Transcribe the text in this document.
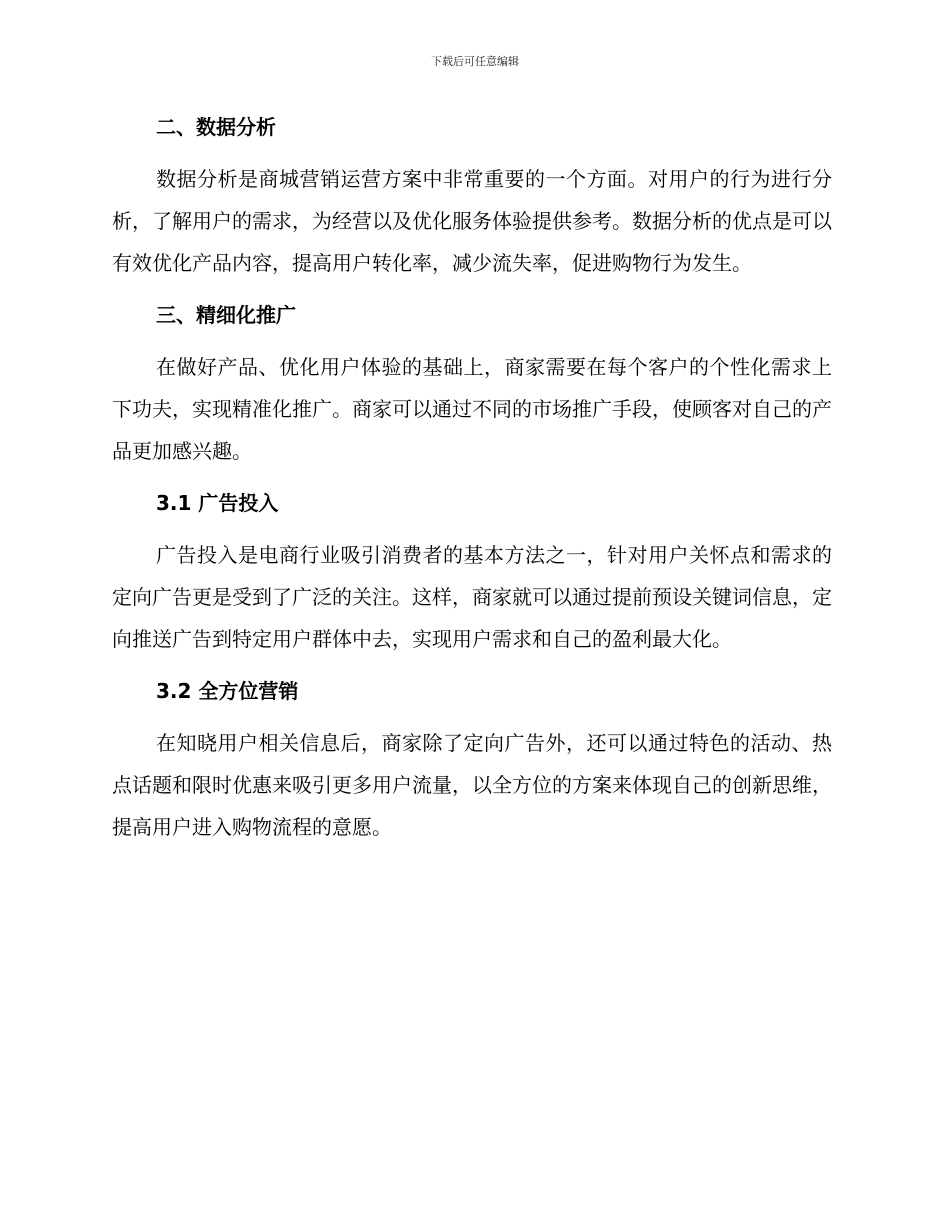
下载后可任意编辑
二、数据分析

数据分析是商城营销运营方案中非常重要的一个方面。对用户的行为进行分析，了解用户的需求，为经营以及优化服务体验提供参考。数据分析的优点是可以有效优化产品内容，提高用户转化率，减少流失率，促进购物行为发生。

三、精细化推广

在做好产品、优化用户体验的基础上，商家需要在每个客户的个性化需求上下功夫，实现精准化推广。商家可以通过不同的市场推广手段，使顾客对自己的产品更加感兴趣。

3.1 广告投入

广告投入是电商行业吸引消费者的基本方法之一，针对用户关怀点和需求的定向广告更是受到了广泛的关注。这样，商家就可以通过提前预设关键词信息，定向推送广告到特定用户群体中去，实现用户需求和自己的盈利最大化。

3.2 全方位营销

在知晓用户相关信息后，商家除了定向广告外，还可以通过特色的活动、热点话题和限时优惠来吸引更多用户流量，以全方位的方案来体现自己的创新思维，提高用户进入购物流程的意愿。
